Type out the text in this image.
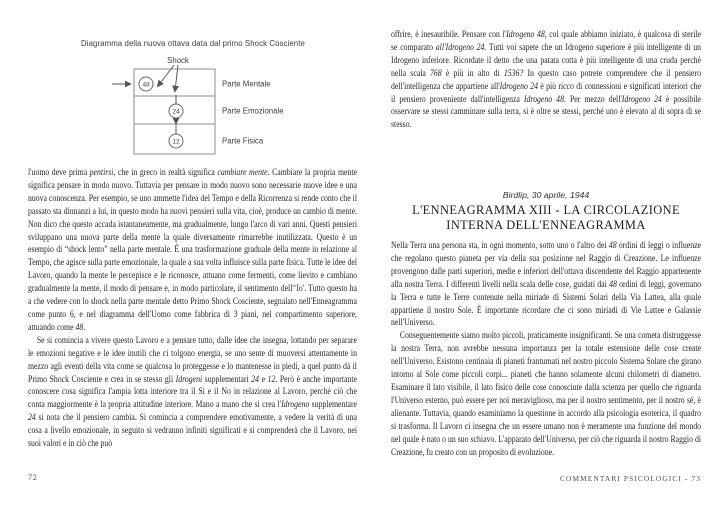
Diagramma della nuova ottava data dal primo Shock Cosciente
Shock
48
24
12
Parte Mentale
Parte Emozionale
Parte Fisica

l'uomo deve prima pentirsi, che in greco in realtà significa cambiare mente. Cambiare la propria mente significa pensare in modo nuovo. Tuttavia per pensare in modo nuovo sono necessarie nuove idee e una nuova conoscenza. Per esempio, se uno ammette l'idea del Tempo e della Ricorrenza si rende conto che il passato sta dinnanzi a lui, in questo modo ha nuovi pensieri sulla vita, cioè, produce un cambio di mente. Non dico che questo accada istantaneamente, ma gradualmente, lungo l'arco di vari anni. Questi pensieri sviluppano una nuova parte della mente la quale diversamente rimarrebbe inutilizzata. Questo è un esempio di “shock lento” nella parte mentale. È una trasformazione graduale della mente in relazione al Tempo, che agisce sulla parte emozionale, la quale a sua volta influisce sulla parte fisica. Tutte le idee del Lavoro, quando la mente le percepisce e le riconosce, attuano come fermenti, come lievito e cambiano gradualmente la mente, il modo di pensare e, in modo particolare, il sentimento dell'‘Io'. Tutto questo ha a che vedere con lo shock nella parte mentale detto Primo Shock Cosciente, segnalato nell'Enneagramma come punto 6, e nel diagramma dell'Uomo come fabbrica di 3 piani, nel compartimento superiore, attuando come 48.

Se si comincia a vivere questo Lavoro e a pensare tutto, dalle idee che insegna, lottando per separare le emozioni negative e le idee inutili che ci tolgono energia, se uno sente di muoversi attentamente in mezzo agli eventi della vita come se qualcosa lo proteggesse e lo mantenesse in piedi, a quel punto dà il Primo Shock Cosciente e crea in se stesso gli Idrogeni supplementari 24 e 12. Però è anche importante conoscere cosa significa l'ampia lotta interiore tra il Sì e il No in relazione al Lavoro, perché ciò che conta maggiormente è la propria attitudine interiore. Mano a mano che si crea l'Idrogeno supplementare 24 si nota che il pensiero cambia. Si comincia a comprendere emotivamente, a vedere la verità di una cosa a livello emozionale, in seguito si vedranno infiniti significati e si comprenderà che il Lavoro, nei suoi valori e in ciò che può

72

offrire, è inesauribile. Pensare con l'Idrogeno 48, col quale abbiamo iniziato, è qualcosa di sterile se comparato all'Idrogeno 24. Tutti voi sapete che un Idrogeno superiore è più intelligente di un Idrogeno inferiore. Ricordate il detto che una patata cotta è più intelligente di una cruda perché nella scala 768 è più in alto di 1536? In questo caso potrete comprendere che il pensiero dell'intelligenza che appartiene all'Idrogeno 24 è più ricco di connessioni e significati interiori che il pensiero proveniente dall'intelligenza Idrogeno 48. Per mezzo dell'Idrogeno 24 è possibile osservare se stessi camminare sulla terra, si è oltre se stessi, perché uno è elevato al di sopra di se stesso.

Birdlip, 30 aprile, 1944
L'ENNEAGRAMMA XIII - LA CIRCOLAZIONE
INTERNA DELL'ENNEAGRAMMA

Nella Terra una persona sta, in ogni momento, sotto uno o l'altro dei 48 ordini di leggi o influenze che regolano questo pianeta per via della sua posizione nel Raggio di Creazione. Le influenze provengono dalle parti superiori, medie e inferiori dell'ottava discendente del Raggio appartenente alla nostra Terra. I differenti livelli nella scala delle cose, guidati dai 48 ordini di leggi, governano la Terra e tutte le Terre contenute nella miriade di Sistemi Solari della Via Lattea, alla quale appartiene il nostro Sole. È importante ricordare che ci sono miriadi di Vie Lattee e Galassie nell'Universo.

Conseguentemente siamo molto piccoli, praticamente insignificanti. Se una cometa distruggesse la nostra Terra, non avrebbe nessuna importanza per la totale estensione delle cose create nell'Universo. Esistono centinaia di pianeti frantumati nel nostro piccolo Sistema Solare che girano intorno al Sole come piccoli corpi... pianeti che hanno solamente alcuni chilometri di diametro. Esaminare il lato visibile, il lato fisico delle cose conosciute dalla scienza per quello che riguarda l'Universo esterno, può essere per noi meraviglioso, ma per il nostro sentimento, per il nostro sé, è alienante. Tuttavia, quando esaminiamo la questione in accordo alla psicologia esoterica, il quadro si trasforma. Il Lavoro ci insegna che un essere umano non è meramente una funzione del mondo nel quale è nato o un suo schiavo. L'apparato dell'Universo, per ciò che riguarda il nostro Raggio di Creazione, fu creato con un proposito di evoluzione.

COMMENTARI PSICOLOGICI - 73
